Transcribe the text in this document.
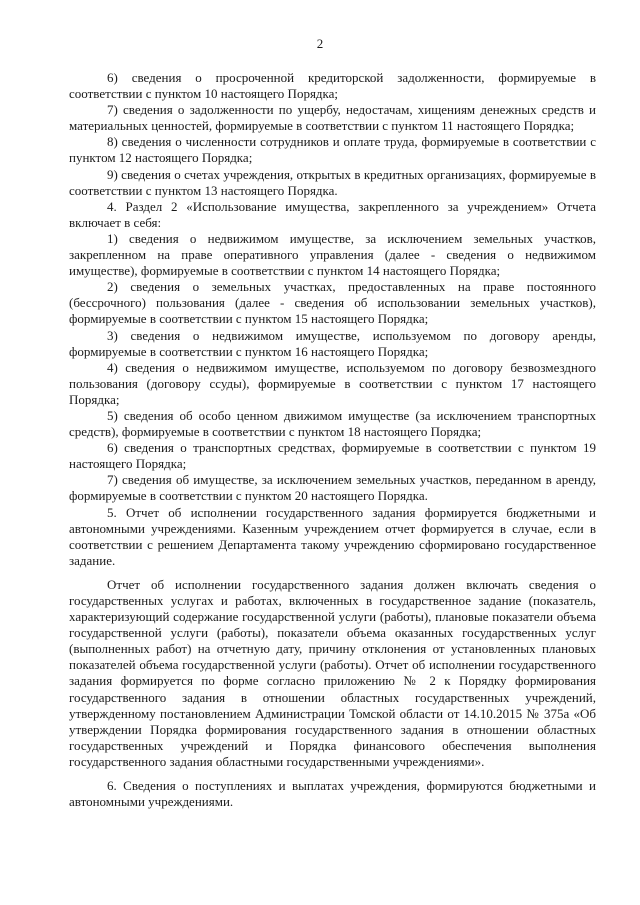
2

6) сведения о просроченной кредиторской задолженности, формируемые в соответствии с пунктом 10 настоящего Порядка;

7) сведения о задолженности по ущербу, недостачам, хищениям денежных средств и материальных ценностей, формируемые в соответствии с пунктом 11 настоящего Порядка;

8) сведения о численности сотрудников и оплате труда, формируемые в соответствии с пунктом 12 настоящего Порядка;

9) сведения о счетах учреждения, открытых в кредитных организациях, формируемые в соответствии с пунктом 13 настоящего Порядка.

4. Раздел 2 «Использование имущества, закрепленного за учреждением» Отчета включает в себя:

1) сведения о недвижимом имуществе, за исключением земельных участков, закрепленном на праве оперативного управления (далее - сведения о недвижимом имуществе), формируемые в соответствии с пунктом 14 настоящего Порядка;

2) сведения о земельных участках, предоставленных на праве постоянного (бессрочного) пользования (далее - сведения об использовании земельных участков), формируемые в соответствии с пунктом 15 настоящего Порядка;

3) сведения о недвижимом имуществе, используемом по договору аренды, формируемые в соответствии с пунктом 16 настоящего Порядка;

4) сведения о недвижимом имуществе, используемом по договору безвозмездного пользования (договору ссуды), формируемые в соответствии с пунктом 17 настоящего Порядка;

5) сведения об особо ценном движимом имуществе (за исключением транспортных средств), формируемые в соответствии с пунктом 18 настоящего Порядка;

6) сведения о транспортных средствах, формируемые в соответствии с пунктом 19 настоящего Порядка;

7) сведения об имуществе, за исключением земельных участков, переданном в аренду, формируемые в соответствии с пунктом 20 настоящего Порядка.

5. Отчет об исполнении государственного задания формируется бюджетными и автономными учреждениями. Казенным учреждением отчет формируется в случае, если в соответствии с решением Департамента такому учреждению сформировано государственное задание.

Отчет об исполнении государственного задания должен включать сведения о государственных услугах и работах, включенных в государственное задание (показатель, характеризующий содержание государственной услуги (работы), плановые показатели объема государственной услуги (работы), показатели объема оказанных государственных услуг (выполненных работ) на отчетную дату, причину отклонения от установленных плановых показателей объема государственной услуги (работы). Отчет об исполнении государственного задания формируется по форме согласно приложению № 2 к Порядку формирования государственного задания в отношении областных государственных учреждений, утвержденному постановлением Администрации Томской области от 14.10.2015 № 375а «Об утверждении Порядка формирования государственного задания в отношении областных государственных учреждений и Порядка финансового обеспечения выполнения государственного задания областными государственными учреждениями».

6. Сведения о поступлениях и выплатах учреждения, формируются бюджетными и автономными учреждениями.
